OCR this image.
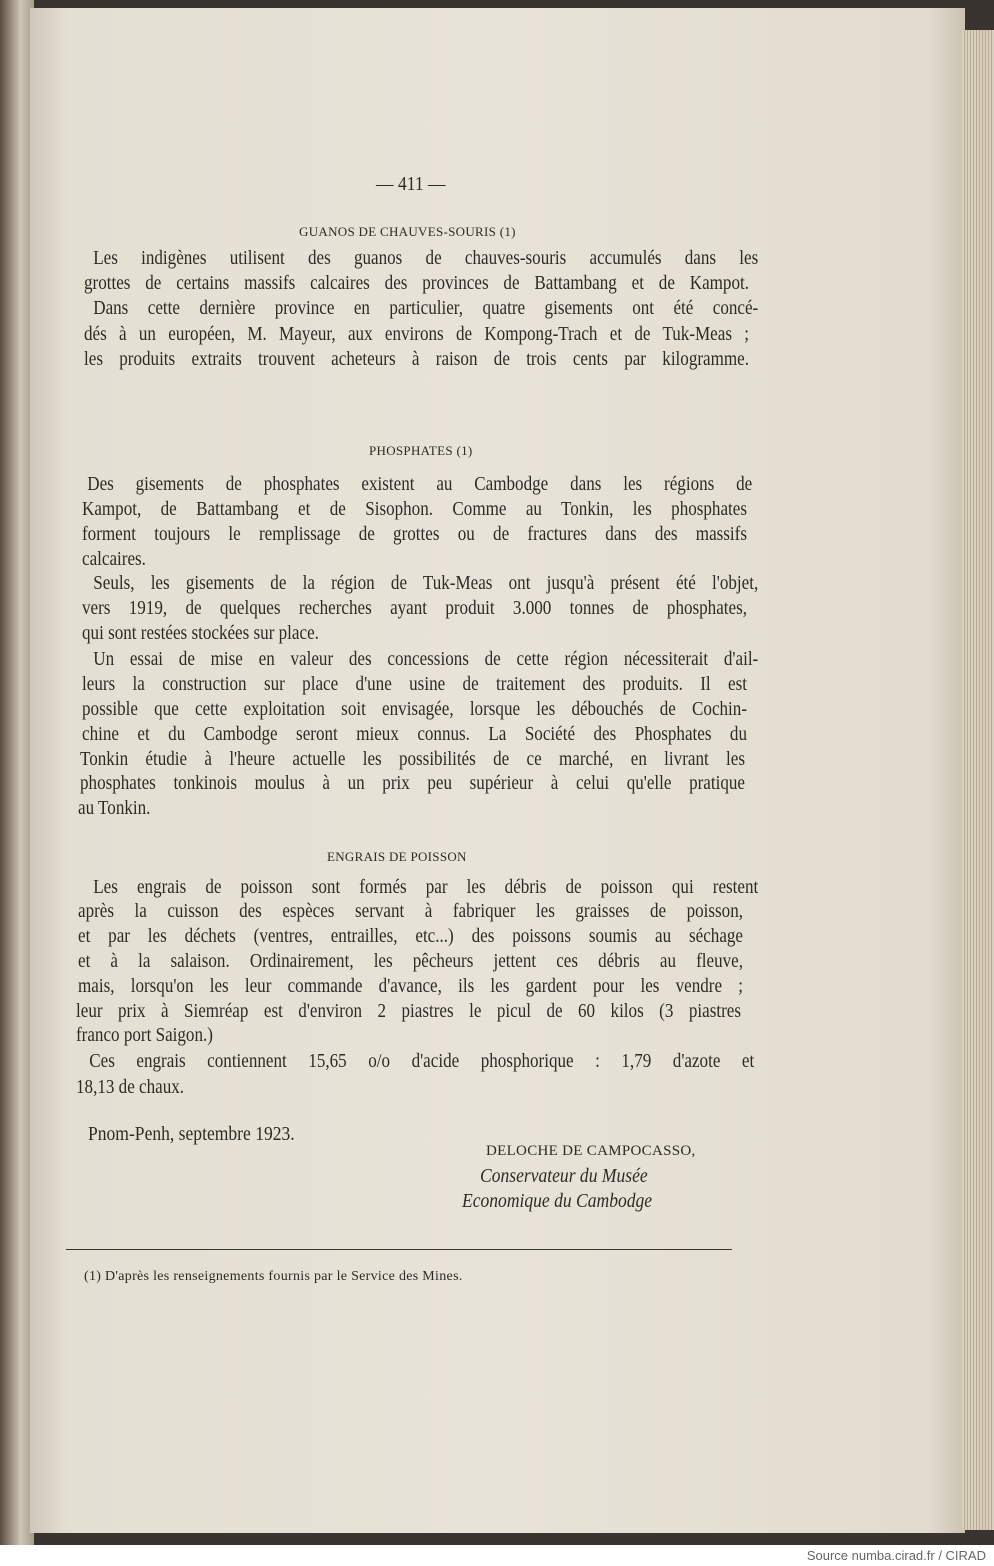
— 411 —
GUANOS DE CHAUVES-SOURIS (1)
Les indigènes utilisent des guanos de chauves-souris accumulés dans les
grottes de certains massifs calcaires des provinces de Battambang et de Kampot.
Dans cette dernière province en particulier, quatre gisements ont été concé-
dés à un européen, M. Mayeur, aux environs de Kompong-Trach et de Tuk-Meas ;
les produits extraits trouvent acheteurs à raison de trois cents par kilogramme.
PHOSPHATES (1)
Des gisements de phosphates existent au Cambodge dans les régions de
Kampot, de Battambang et de Sisophon. Comme au Tonkin, les phosphates
forment toujours le remplissage de grottes ou de fractures dans des massifs
calcaires.
Seuls, les gisements de la région de Tuk-Meas ont jusqu'à présent été l'objet,
vers 1919, de quelques recherches ayant produit 3.000 tonnes de phosphates,
qui sont restées stockées sur place.
Un essai de mise en valeur des concessions de cette région nécessiterait d'ail-
leurs la construction sur place d'une usine de traitement des produits. Il est
possible que cette exploitation soit envisagée, lorsque les débouchés de Cochin-
chine et du Cambodge seront mieux connus. La Société des Phosphates du
Tonkin étudie à l'heure actuelle les possibilités de ce marché, en livrant les
phosphates tonkinois moulus à un prix peu supérieur à celui qu'elle pratique
au Tonkin.
ENGRAIS DE POISSON
Les engrais de poisson sont formés par les débris de poisson qui restent
après la cuisson des espèces servant à fabriquer les graisses de poisson,
et par les déchets (ventres, entrailles, etc...) des poissons soumis au séchage
et à la salaison. Ordinairement, les pêcheurs jettent ces débris au fleuve,
mais, lorsqu'on les leur commande d'avance, ils les gardent pour les vendre ;
leur prix à Siemréap est d'environ 2 piastres le picul de 60 kilos (3 piastres
franco port Saigon.)
Ces engrais contiennent 15,65 o/o d'acide phosphorique : 1,79 d'azote et
18,13 de chaux.
Pnom-Penh, septembre 1923.
DELOCHE DE CAMPOCASSO,
Conservateur du Musée
Economique du Cambodge
(1) D'après les renseignements fournis par le Service des Mines.
Source numba.cirad.fr / CIRAD
